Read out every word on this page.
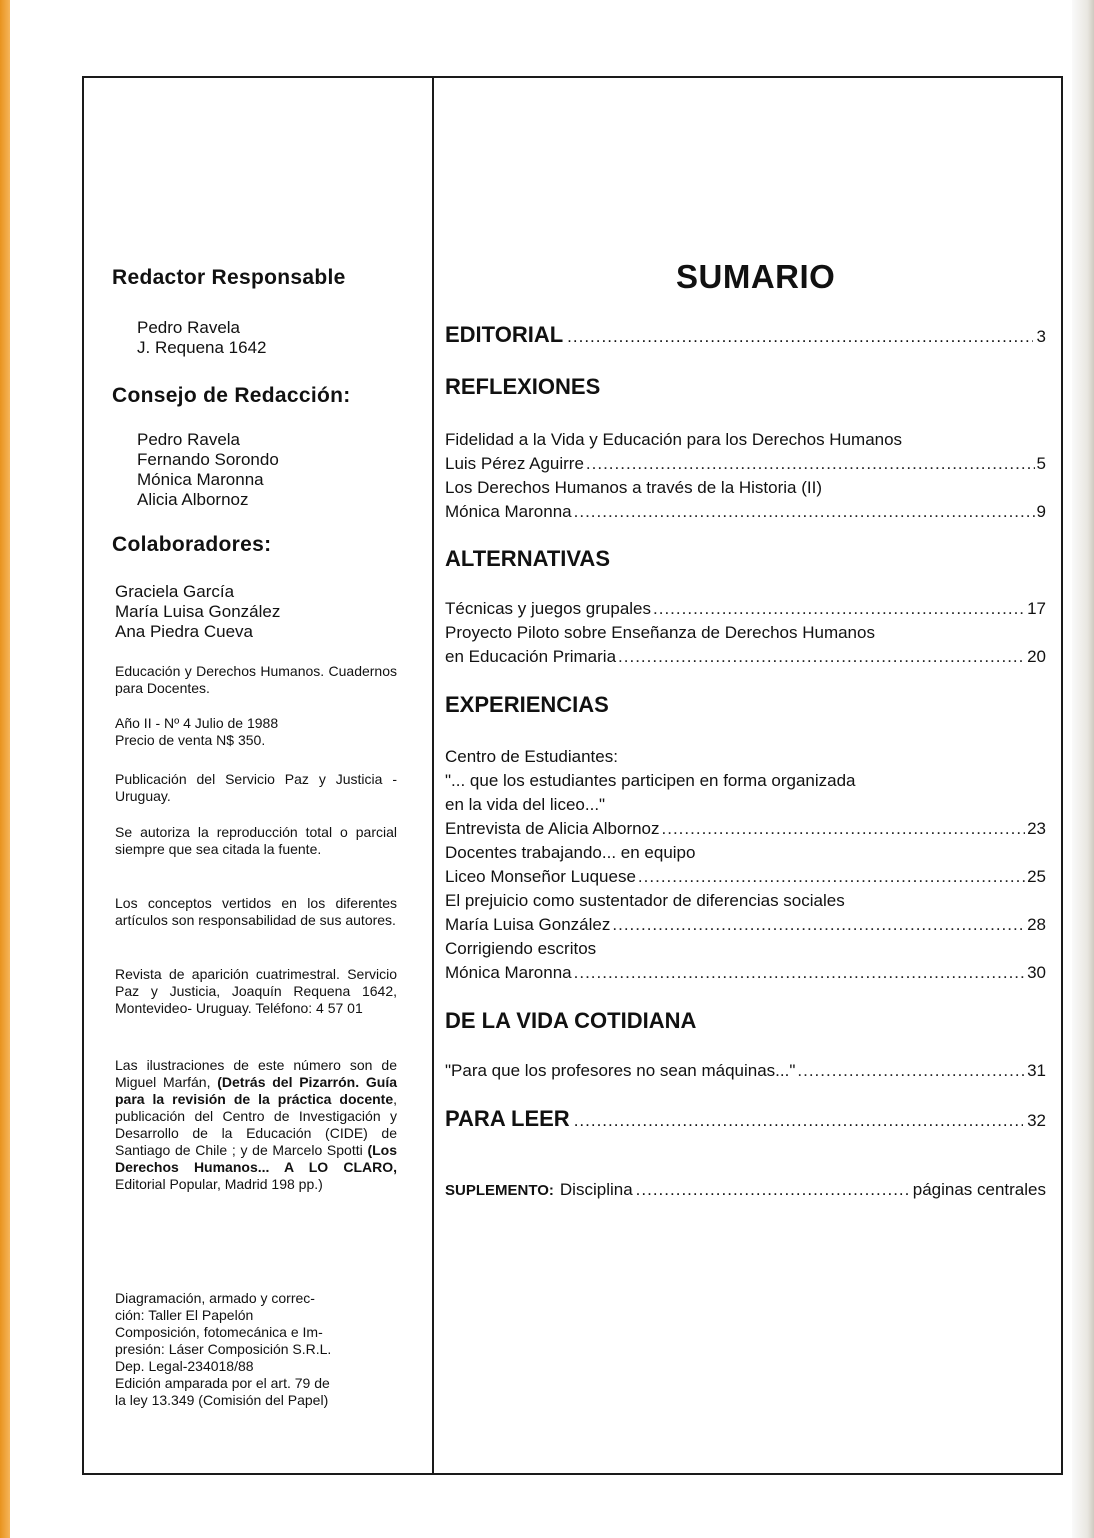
Redactor Responsable
Pedro Ravela
J. Requena 1642
Consejo de Redacción:
Pedro Ravela
Fernando Sorondo
Mónica Maronna
Alicia Albornoz
Colaboradores:
Graciela García
María Luisa González
Ana Piedra Cueva
Educación y Derechos Humanos. Cuadernos para Docentes.
Año II - Nº 4 Julio de 1988
Precio de venta N$ 350.
Publicación del Servicio Paz y Justicia - Uruguay.
Se autoriza la reproducción total o parcial siempre que sea citada la fuente.
Los conceptos vertidos en los diferentes artículos son responsabilidad de sus autores.
Revista de aparición cuatrimestral. Servicio Paz y Justicia, Joaquín Requena 1642, Montevideo- Uruguay. Teléfono: 4 57 01
Las ilustraciones de este número son de Miguel Marfán, (Detrás del Pizarrón. Guía para la revisión de la práctica docente, publicación del Centro de Investigación y Desarrollo de la Educación (CIDE) de Santiago de Chile ; y de Marcelo Spotti (Los Derechos Humanos... A LO CLARO, Editorial Popular, Madrid 198 pp.)
Diagramación, armado y correc-
ción: Taller El Papelón
Composición, fotomecánica e Im-
presión: Láser Composición S.R.L.
Dep. Legal-234018/88
Edición amparada por el art. 79 de
la ley 13.349 (Comisión del Papel)
SUMARIO
EDITORIAL .....	3
REFLEXIONES
Fidelidad a la Vida y Educación para los Derechos Humanos
Luis Pérez Aguirre .....	5
Los Derechos Humanos a través de la Historia (II)
Mónica Maronna .....	9
ALTERNATIVAS
Técnicas y juegos grupales .....	17
Proyecto Piloto sobre Enseñanza de Derechos Humanos
en Educación Primaria .....	20
EXPERIENCIAS
Centro de Estudiantes:
"... que los estudiantes participen en forma organizada
en la vida del liceo..."
Entrevista de Alicia Albornoz .....	23
Docentes trabajando... en equipo
Liceo Monseñor Luquese .....	25
El prejuicio como sustentador de diferencias sociales
María Luisa González .....	28
Corrigiendo escritos
Mónica Maronna .....	30
DE LA VIDA COTIDIANA
"Para que los profesores no sean máquinas..." .....	31
PARA LEER .....	32
SUPLEMENTO: Disciplina .....	páginas centrales
